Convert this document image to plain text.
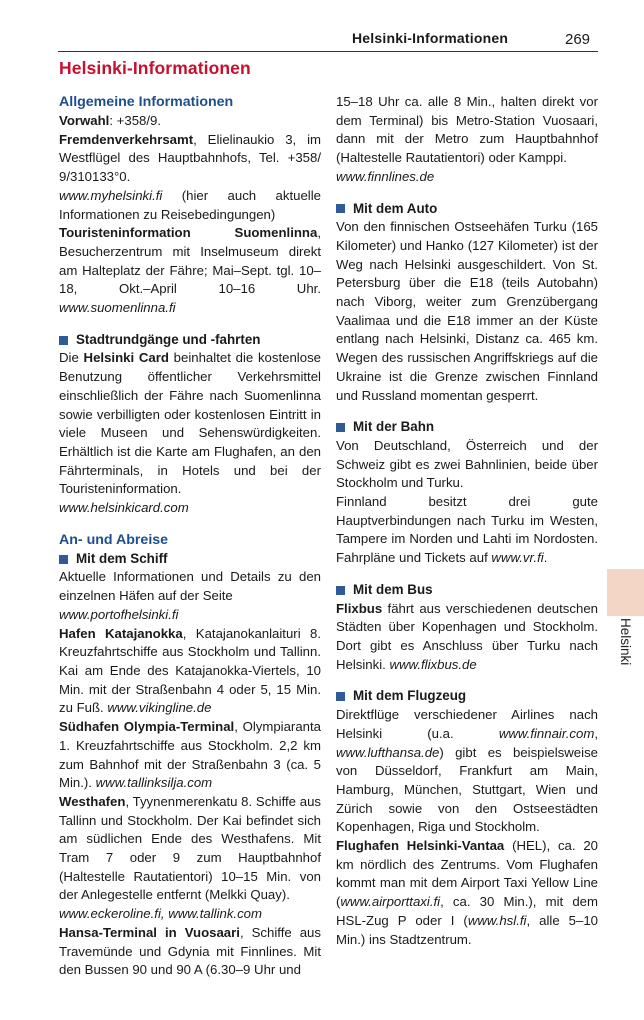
Helsinki-Informationen	269
Helsinki-Informationen

Allgemeine Informationen

Vorwahl: +358/9.

Fremdenverkehrsamt, Elielinaukio 3, im Westflügel des Hauptbahnhofs, Tel. +358/ 9/310133°0.

www.myhelsinki.fi (hier auch aktuelle Informationen zu Reisebedingungen)

Touristeninformation Suomenlinna, Besucherzentrum mit Inselmuseum direkt am Halteplatz der Fähre; Mai–Sept. tgl. 10–18, Okt.–April 10–16 Uhr. www.suomenlinna.fi

Stadtrundgänge und -fahrten

Die Helsinki Card beinhaltet die kostenlose Benutzung öffentlicher Verkehrsmittel einschließlich der Fähre nach Suomenlinna sowie verbilligten oder kostenlosen Eintritt in viele Museen und Sehenswürdigkeiten. Erhältlich ist die Karte am Flughafen, an den Fährterminals, in Hotels und bei der Touristeninformation.

www.helsinkicard.com

An- und Abreise

Mit dem Schiff

Aktuelle Informationen und Details zu den einzelnen Häfen auf der Seite

www.portofhelsinki.fi

Hafen Katajanokka, Katajanokanlaituri 8. Kreuzfahrtschiffe aus Stockholm und Tallinn. Kai am Ende des Katajanokka-Viertels, 10 Min. mit der Straßenbahn 4 oder 5, 15 Min. zu Fuß. www.vikingline.de

Südhafen Olympia-Terminal, Olympiaranta 1. Kreuzfahrtschiffe aus Stockholm. 2,2 km zum Bahnhof mit der Straßenbahn 3 (ca. 5 Min.). www.tallinksilja.com

Westhafen, Tyynenmerenkatu 8. Schiffe aus Tallinn und Stockholm. Der Kai befindet sich am südlichen Ende des Westhafens. Mit Tram 7 oder 9 zum Hauptbahnhof (Haltestelle Rautatientori) 10–15 Min. von der Anlegestelle entfernt (Melkki Quay).

www.eckeroline.fi, www.tallink.com

Hansa-Terminal in Vuosaari, Schiffe aus Travemünde und Gdynia mit Finnlines. Mit den Bussen 90 und 90 A (6.30–9 Uhr und

15–18 Uhr ca. alle 8 Min., halten direkt vor dem Terminal) bis Metro-Station Vuosaari, dann mit der Metro zum Hauptbahnhof (Haltestelle Rautatientori) oder Kamppi.

www.finnlines.de

Mit dem Auto

Von den finnischen Ostseehäfen Turku (165 Kilometer) und Hanko (127 Kilometer) ist der Weg nach Helsinki ausgeschildert. Von St. Petersburg über die E18 (teils Autobahn) nach Viborg, weiter zum Grenzübergang Vaalimaa und die E18 immer an der Küste entlang nach Helsinki, Distanz ca. 465 km. Wegen des russischen Angriffskriegs auf die Ukraine ist die Grenze zwischen Finnland und Russland momentan gesperrt.

Mit der Bahn

Von Deutschland, Österreich und der Schweiz gibt es zwei Bahnlinien, beide über Stockholm und Turku.

Finnland besitzt drei gute Hauptverbindungen nach Turku im Westen, Tampere im Norden und Lahti im Nordosten. Fahrpläne und Tickets auf www.vr.fi.

Mit dem Bus

Flixbus fährt aus verschiedenen deutschen Städten über Kopenhagen und Stockholm. Dort gibt es Anschluss über Turku nach Helsinki. www.flixbus.de

Mit dem Flugzeug

Direktflüge verschiedener Airlines nach Helsinki (u.a. www.finnair.com, www.lufthansa.de) gibt es beispielsweise von Düsseldorf, Frankfurt am Main, Hamburg, München, Stuttgart, Wien und Zürich sowie von den Ostseestädten Kopenhagen, Riga und Stockholm.

Flughafen Helsinki-Vantaa (HEL), ca. 20 km nördlich des Zentrums. Vom Flughafen kommt man mit dem Airport Taxi Yellow Line (www.airporttaxi.fi, ca. 30 Min.), mit dem HSL-Zug P oder I (www.hsl.fi, alle 5–10 Min.) ins Stadtzentrum.

Helsinki
